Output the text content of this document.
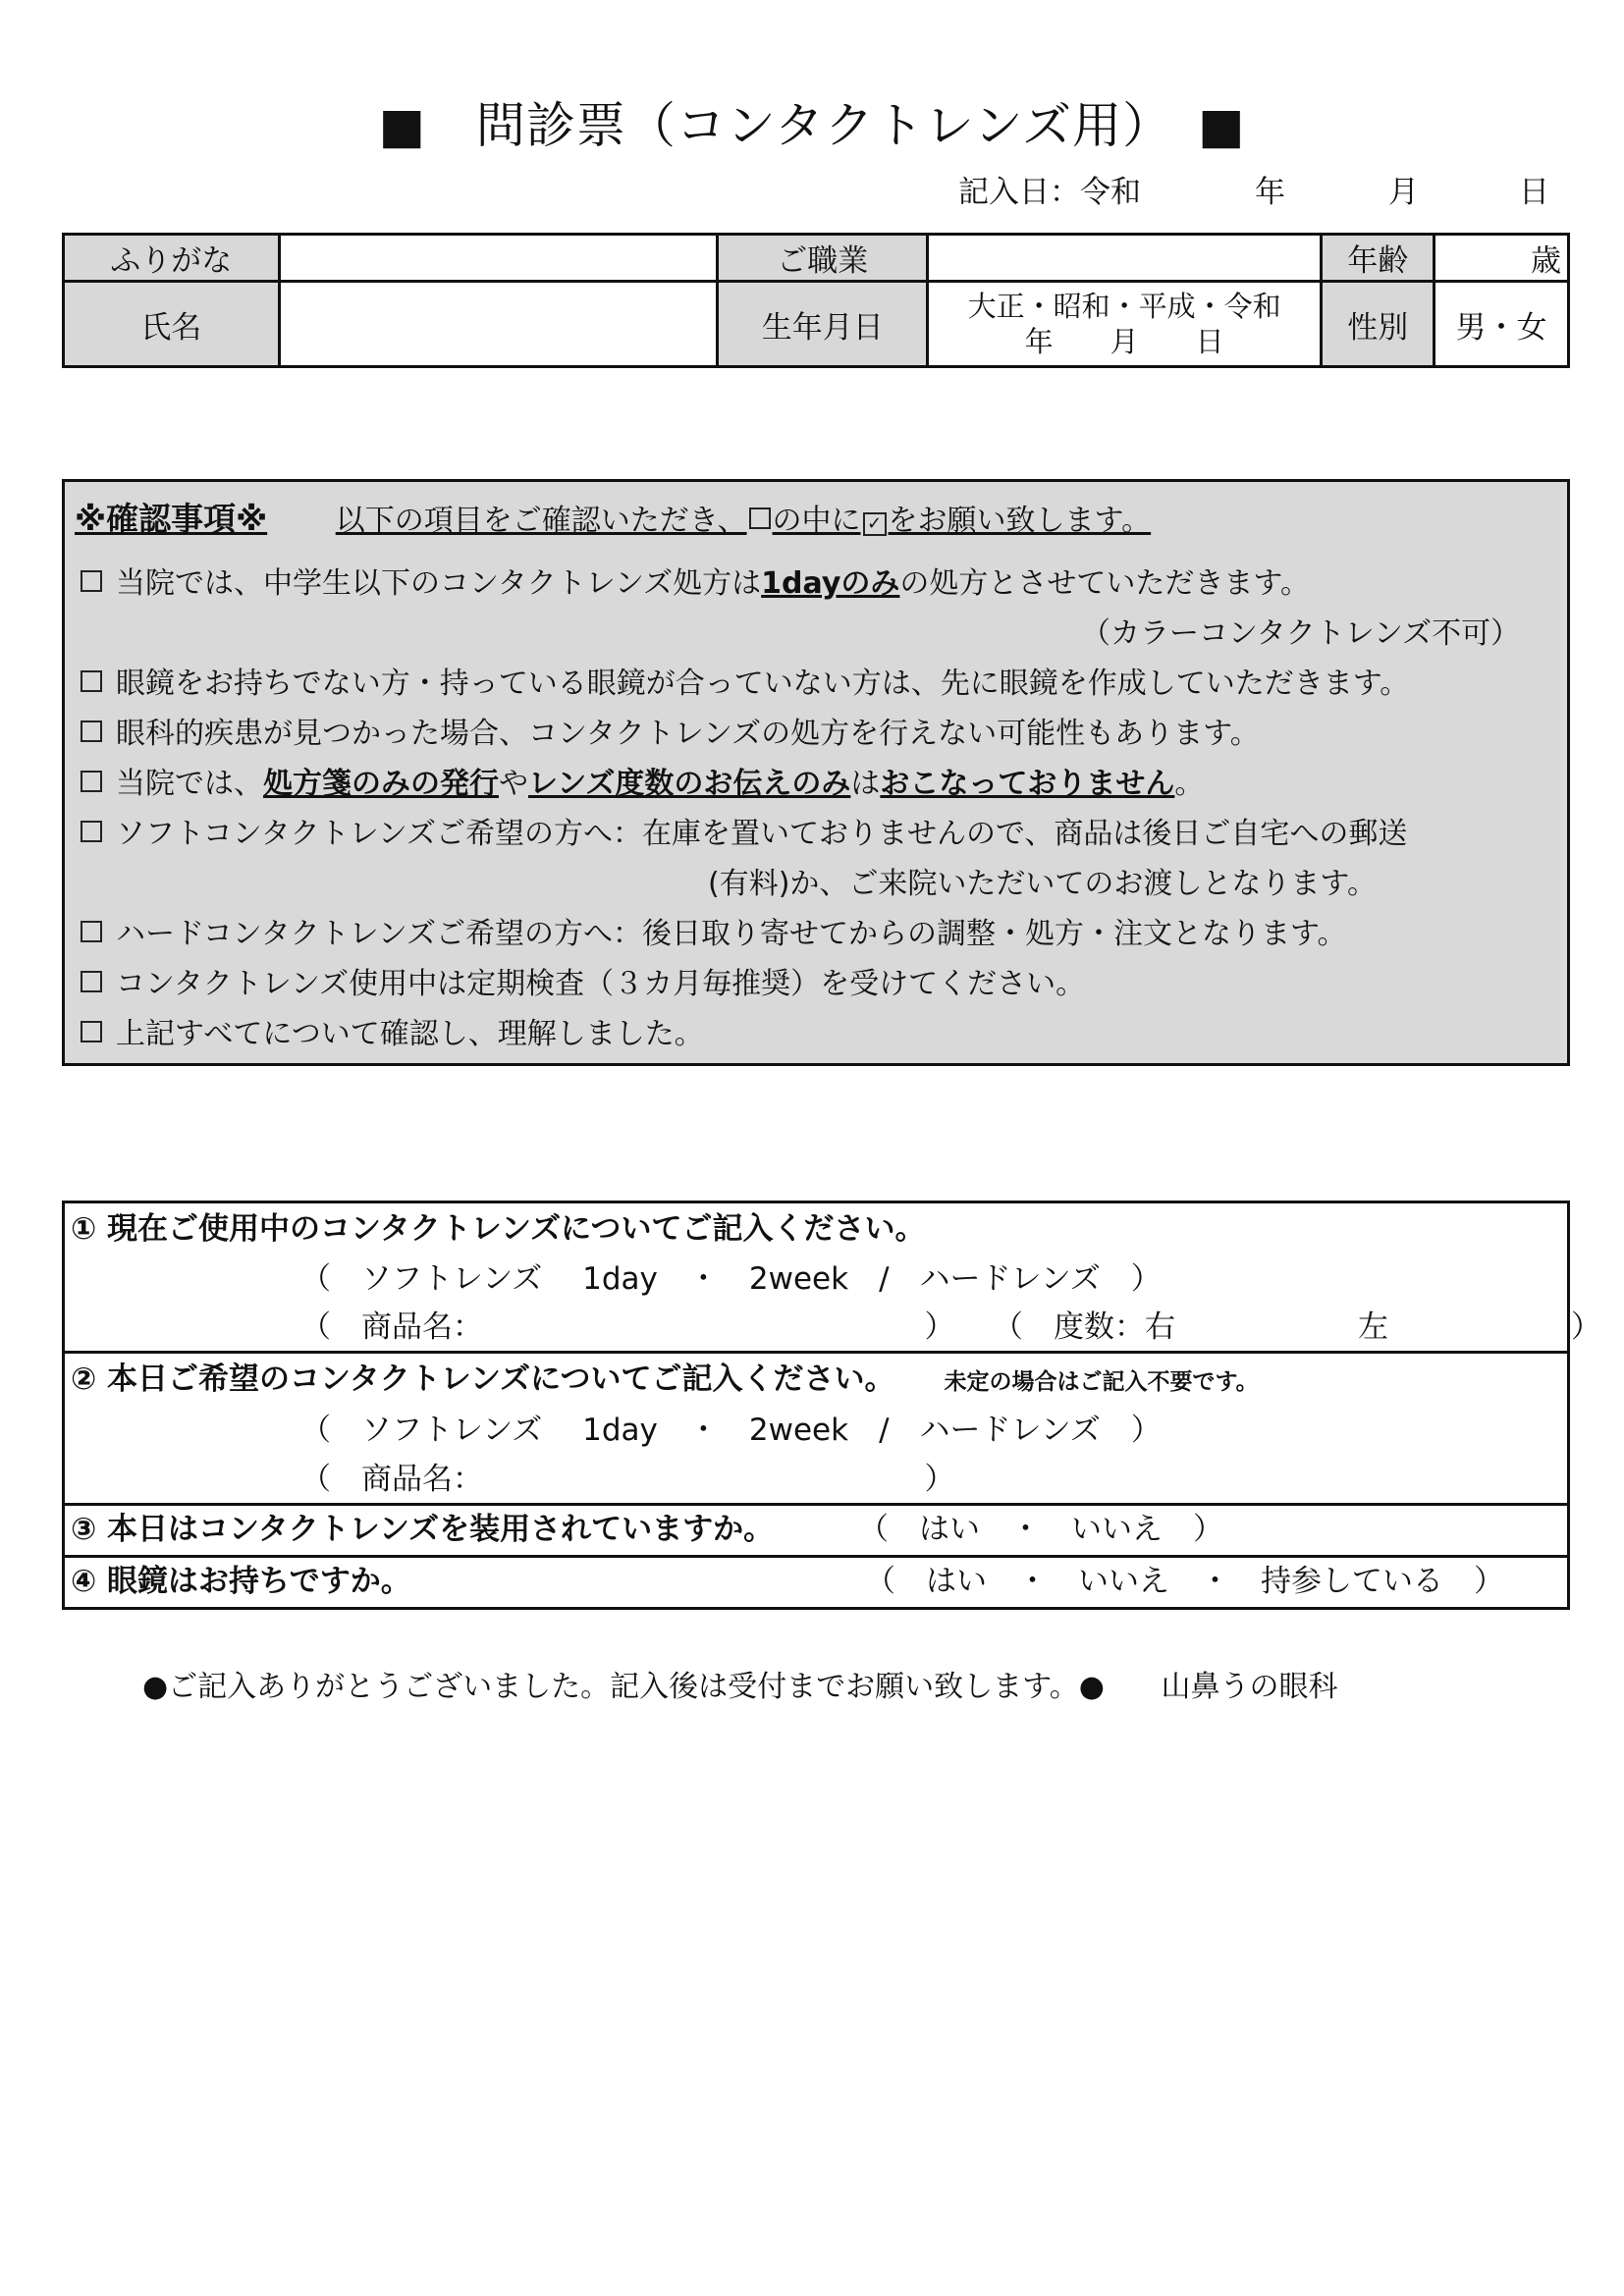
■　問診票（コンタクトレンズ用）　■
記入日：令和	年	月	日
ふりがな		ご職業		年齢	歳
氏名		生年月日	大正・昭和・平成・令和
年　　月　　日	性別	男・女
※確認事項※ 以下の項目をご確認いただき、 の中に ✓ をお願い致します。
当院では、中学生以下のコンタクトレンズ処方は1dayのみの処方とさせていただきます。
（カラーコンタクトレンズ不可）
眼鏡をお持ちでない方・持っている眼鏡が合っていない方は、先に眼鏡を作成していただきます。
眼科的疾患が見つかった場合、コンタクトレンズの処方を行えない可能性もあります。
当院では、処方箋のみの発行やレンズ度数のお伝えのみはおこなっておりません。
ソフトコンタクトレンズご希望の方へ：在庫を置いておりませんので、商品は後日ご自宅への郵送
(有料)か、ご来院いただいてのお渡しとなります。
ハードコンタクトレンズご希望の方へ：後日取り寄せてからの調整・処方・注文となります。
コンタクトレンズ使用中は定期検査（３カ月毎推奨）を受けてください。
上記すべてについて確認し、理解しました。
① 現在ご使用中のコンタクトレンズについてご記入ください。
（　ソフトレンズ　 1day　・　2week　/　ハードレンズ　）
（　商品名：　　　　　　　　　　　　　　　） （　度数：右　　　　　　左　　　　　　）
② 本日ご希望のコンタクトレンズについてご記入ください。 未定の場合はご記入不要です。
（　ソフトレンズ　 1day　・　2week　/　ハードレンズ　）
（　商品名：　　　　　　　　　　　　　　　）
③ 本日はコンタクトレンズを装用されていますか。	（　はい　・　いいえ　）
④ 眼鏡はお持ちですか。	（　はい　・　いいえ　・　持参している　）
●ご記入ありがとうございました。記入後は受付までお願い致します。● 山鼻うの眼科
